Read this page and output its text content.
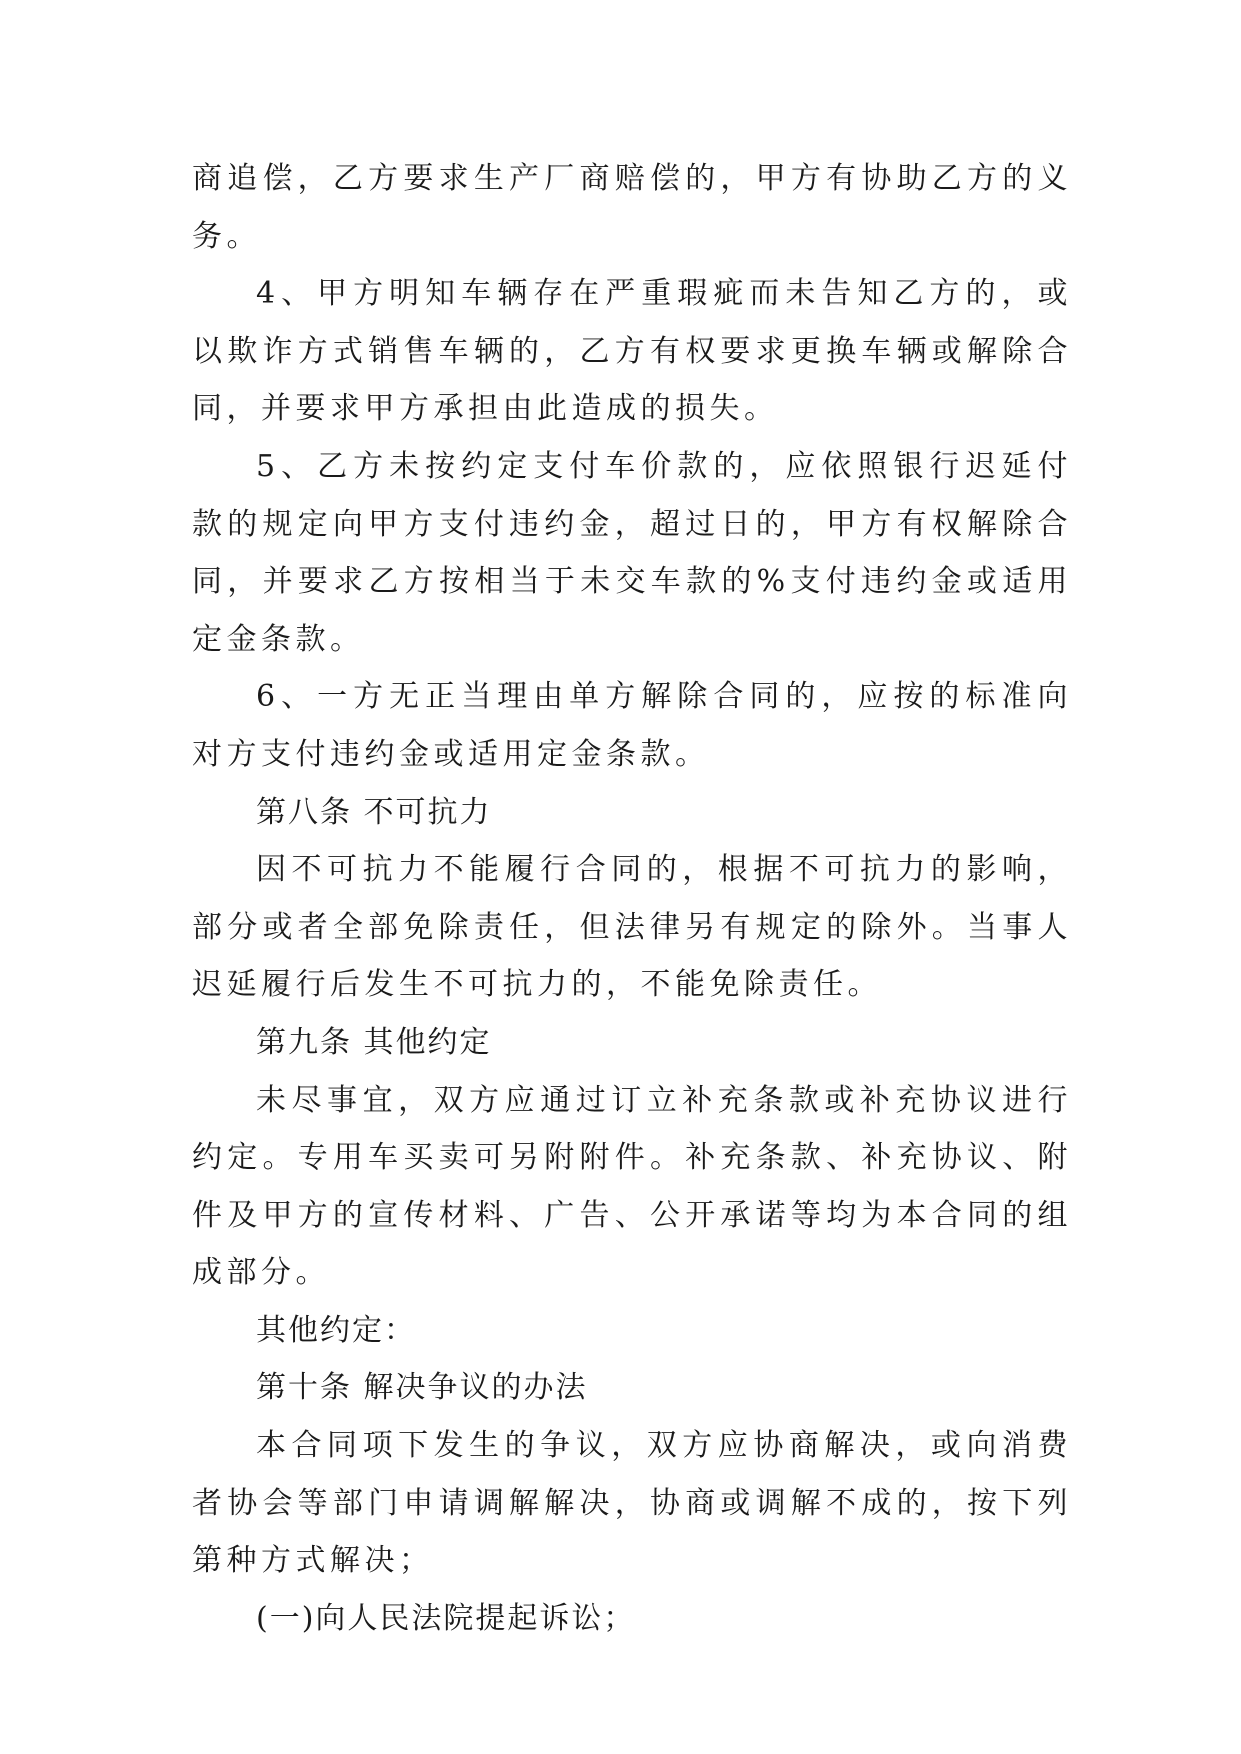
商追偿，乙方要求生产厂商赔偿的，甲方有协助乙方的义务。

4、甲方明知车辆存在严重瑕疵而未告知乙方的，或以欺诈方式销售车辆的，乙方有权要求更换车辆或解除合同，并要求甲方承担由此造成的损失。

5、乙方未按约定支付车价款的，应依照银行迟延付款的规定向甲方支付违约金，超过日的，甲方有权解除合同，并要求乙方按相当于未交车款的%支付违约金或适用定金条款。

6、一方无正当理由单方解除合同的，应按的标准向对方支付违约金或适用定金条款。

第八条 不可抗力

因不可抗力不能履行合同的，根据不可抗力的影响，部分或者全部免除责任，但法律另有规定的除外。当事人迟延履行后发生不可抗力的，不能免除责任。

第九条 其他约定

未尽事宜，双方应通过订立补充条款或补充协议进行约定。专用车买卖可另附附件。补充条款、补充协议、附件及甲方的宣传材料、广告、公开承诺等均为本合同的组成部分。

其他约定：

第十条 解决争议的办法

本合同项下发生的争议，双方应协商解决，或向消费者协会等部门申请调解解决，协商或调解不成的，按下列第种方式解决；

(一)向人民法院提起诉讼；
